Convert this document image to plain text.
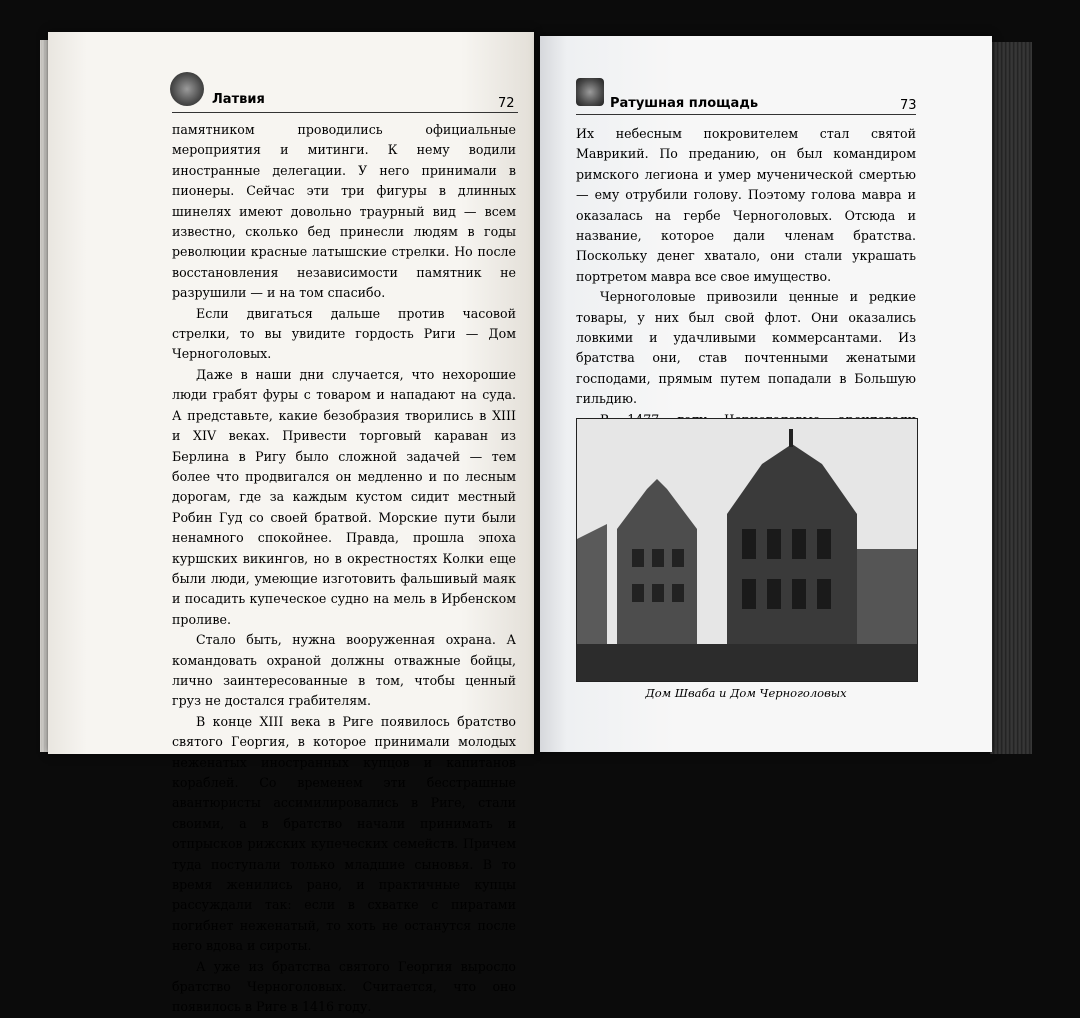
Латвия	72

памятником проводились официальные мероприятия и митинги. К нему водили иностранные делегации. У него принимали в пионеры. Сейчас эти три фигуры в длинных шинелях имеют довольно траурный вид — всем известно, сколько бед принесли людям в годы революции красные латышские стрелки. Но после восстановления независимости памятник не разрушили — и на том спасибо.

Если двигаться дальше против часовой стрелки, то вы увидите гордость Риги — Дом Черноголовых.

Даже в наши дни случается, что нехорошие люди грабят фуры с товаром и нападают на суда. А представьте, какие безобразия творились в XIII и XIV веках. Привести торговый караван из Берлина в Ригу было сложной задачей — тем более что продвигался он медленно и по лесным дорогам, где за каждым кустом сидит местный Робин Гуд со своей братвой. Морские пути были ненамного спокойнее. Правда, прошла эпоха куршских викингов, но в окрестностях Колки еще были люди, умеющие изготовить фальшивый маяк и посадить купеческое судно на мель в Ирбенском проливе.

Стало быть, нужна вооруженная охрана. А командовать охраной должны отважные бойцы, лично заинтересованные в том, чтобы ценный груз не достался грабителям.

В конце XIII века в Риге появилось братство святого Георгия, в которое принимали молодых неженатых иностранных купцов и капитанов кораблей. Со временем эти бесстрашные авантюристы ассимилировались в Риге, стали своими, а в братство начали принимать и отпрысков рижских купеческих семейств. Причем туда поступали только младшие сыновья. В то время женились рано, и практичные купцы рассуждали так: если в схватке с пиратами погибнет неженатый, то хоть не останутся после него вдова и сироты.

А уже из братства святого Георгия выросло братство Черноголовых. Считается, что оно появилось в Риге в 1416 году.

Ратушная площадь	73

Их небесным покровителем стал святой Маврикий. По преданию, он был командиром римского легиона и умер мученической смертью — ему отрубили голову. Поэтому голова мавра и оказалась на гербе Черноголовых. Отсюда и название, которое дали членам братства. Поскольку денег хватало, они стали украшать портретом мавра все свое имущество.

Черноголовые привозили ценные и редкие товары, у них был свой флот. Они оказались ловкими и удачливыми коммерсантами. Из братства они, став почтенными женатыми господами, прямым путем попадали в Большую гильдию.

Дом Шваба и Дом Черноголовых
